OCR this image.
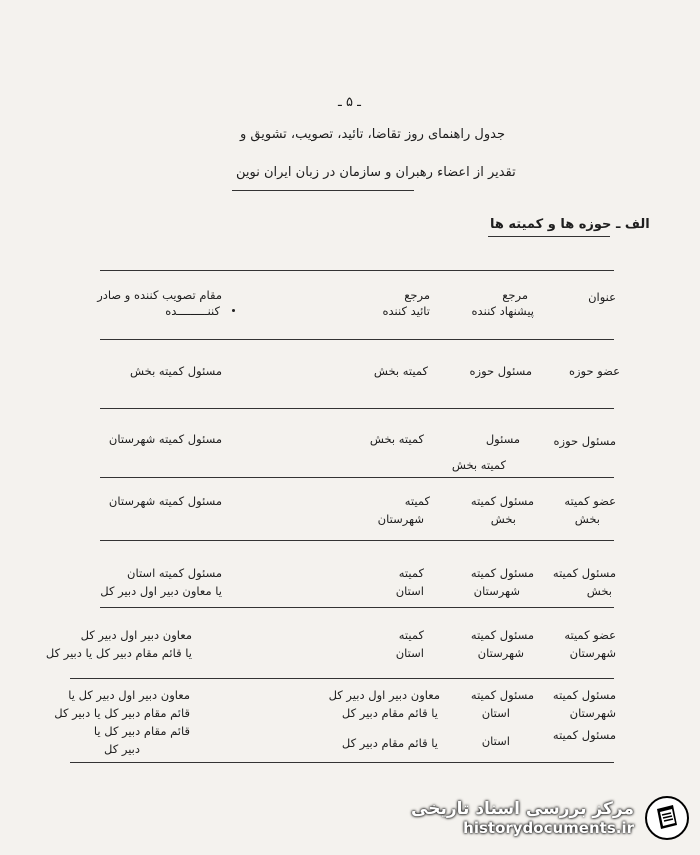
ـ ۵ ـ
جدول راهنمای روز تقاضا، تائید، تصویب، تشویق و
تقدیر از اعضاء رهبران و سازمان در زبان ایران نوین
الف ـ حوزه ها و کمیته ها
عنوان
مرجع
پیشنهاد کننده
مرجع
تائید کننده
مقام تصویب کننده و صادر
کننـــــــــده
عضو حوزه
مسئول حوزه
کمیته بخش
مسئول کمیته بخش
مسئول حوزه
مسئول
کمیته بخش
کمیته بخش
مسئول کمیته شهرستان
عضو کمیته
بخش
مسئول کمیته
بخش
کمیته
شهرستان
مسئول کمیته شهرستان
مسئول کمیته
بخش
مسئول کمیته
شهرستان
کمیته
استان
مسئول کمیته استان
یا معاون دبیر اول دبیر کل
عضو کمیته
شهرستان
مسئول کمیته
شهرستان
کمیته
استان
معاون دبیر اول دبیر کل
یا قائم مقام دبیر کل یا دبیر کل
مسئول کمیته
شهرستان
مسئول کمیته
مسئول کمیته
استان
استان
معاون دبیر اول دبیر کل
یا قائم مقام دبیر کل
یا قائم مقام دبیر کل
معاون دبیر اول دبیر کل یا
قائم مقام دبیر کل یا دبیر کل
قائم مقام دبیر کل یا
دبیر کل
مرکز بررسی اسناد تاریخی
historydocuments.ir
